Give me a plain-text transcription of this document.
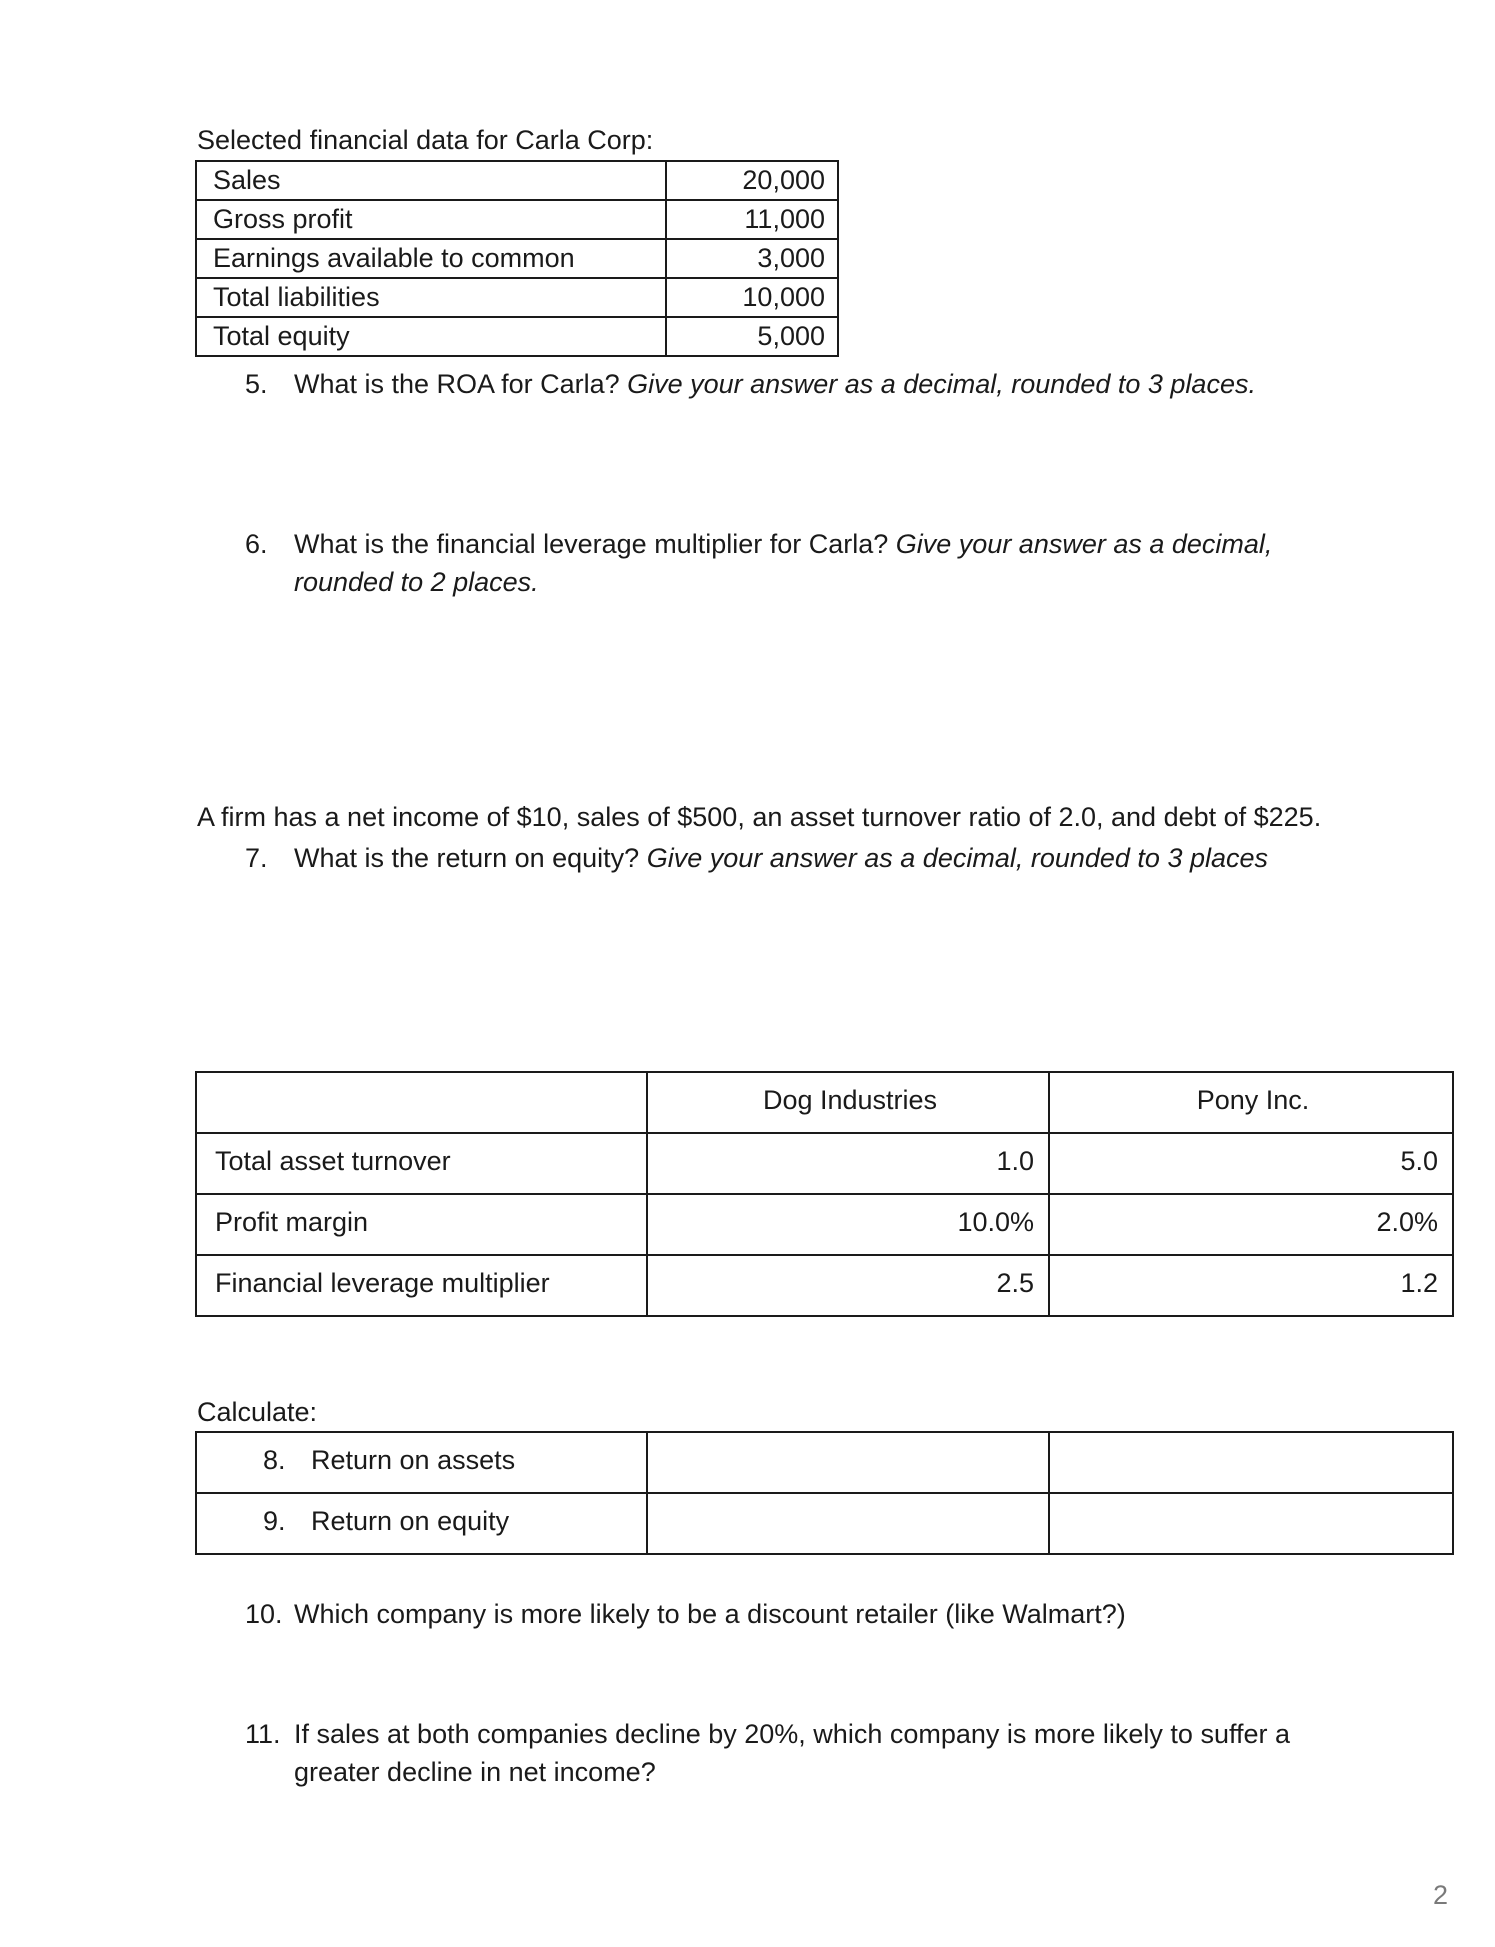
Selected financial data for Carla Corp:
Sales	20,000
Gross profit	11,000
Earnings available to common	3,000
Total liabilities	10,000
Total equity	5,000
5. What is the ROA for Carla? Give your answer as a decimal, rounded to 3 places.
6. What is the financial leverage multiplier for Carla? Give your answer as a decimal,
rounded to 2 places.
A firm has a net income of $10, sales of $500, an asset turnover ratio of 2.0, and debt of $225.
7. What is the return on equity? Give your answer as a decimal, rounded to 3 places
	Dog Industries	Pony Inc.
Total asset turnover	1.0	5.0
Profit margin	10.0%	2.0%
Financial leverage multiplier	2.5	1.2
Calculate:
8. Return on assets		
9. Return on equity		
10. Which company is more likely to be a discount retailer (like Walmart?)
11. If sales at both companies decline by 20%, which company is more likely to suffer a
greater decline in net income?
2
